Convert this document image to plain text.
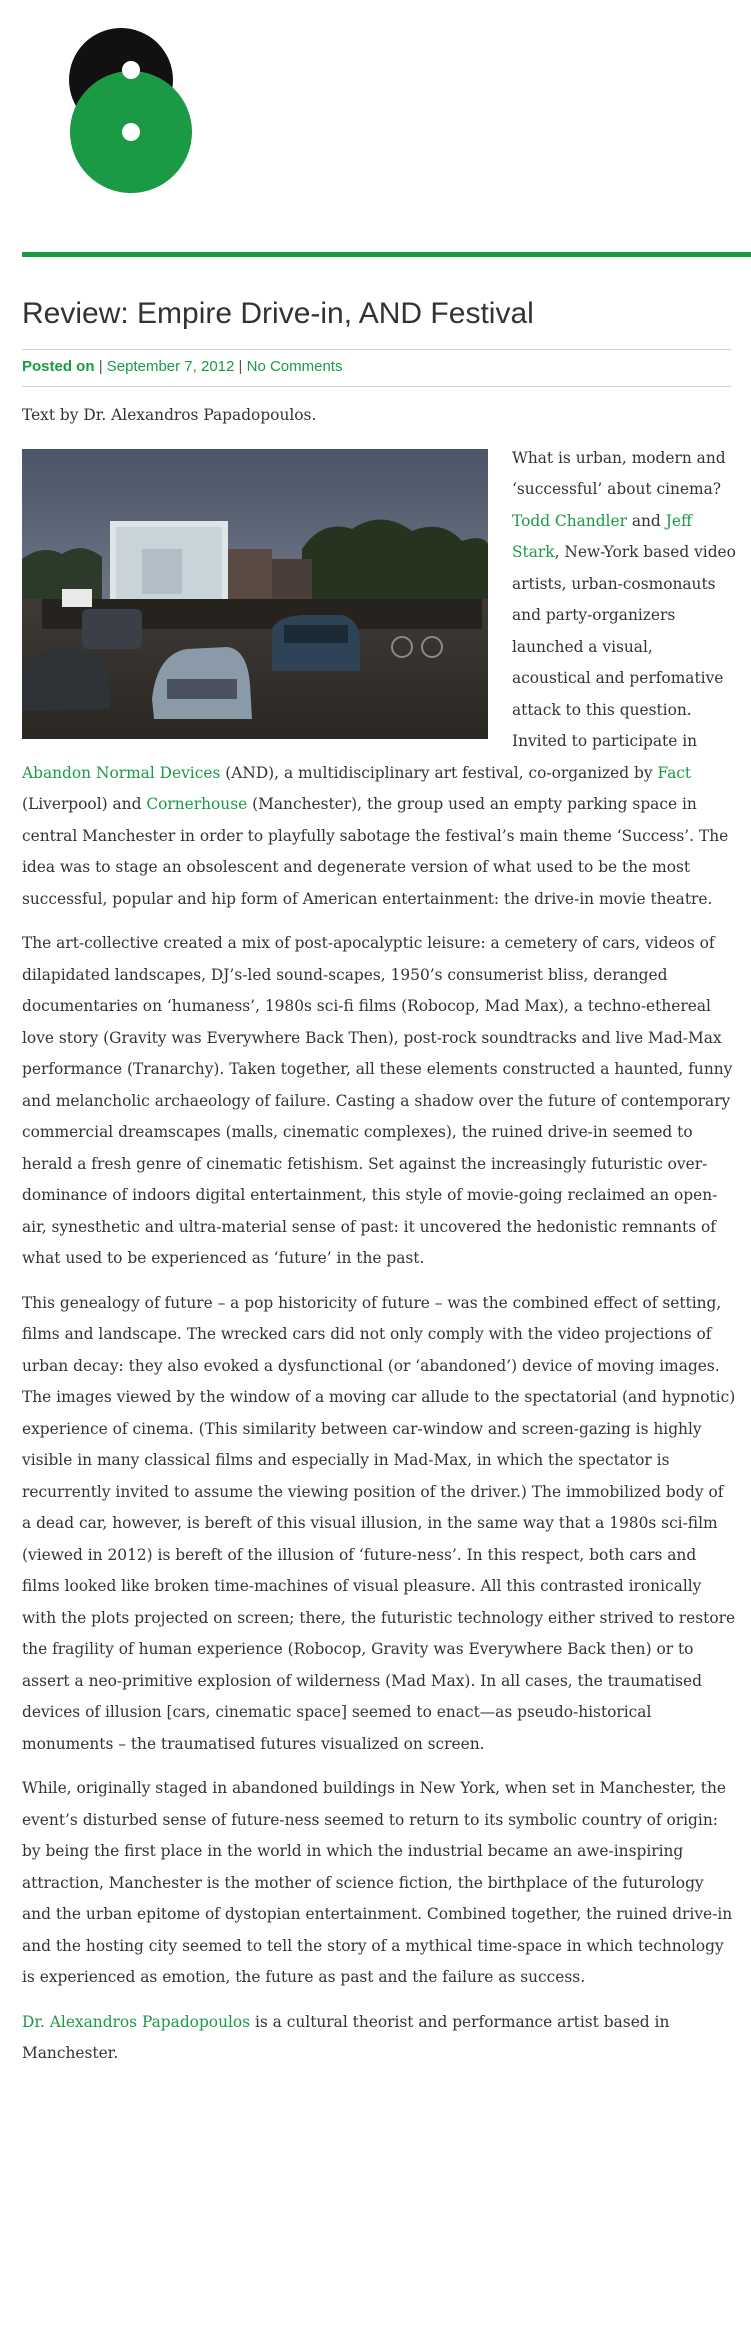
Review: Empire Drive-in, AND Festival
Posted on | September 7, 2012 | No Comments

Text by Dr. Alexandros Papadopoulos.

What is urban, modern and ‘successful’ about cinema? Todd Chandler and Jeff Stark, New-York based video artists, urban-cosmonauts and party-organizers launched a visual, acoustical and perfomative attack to this question. Invited to participate in Abandon Normal Devices (AND), a multidisciplinary art festival, co-organized by Fact (Liverpool) and Cornerhouse (Manchester), the group used an empty parking space in central Manchester in order to playfully sabotage the festival’s main theme ‘Success’. The idea was to stage an obsolescent and degenerate version of what used to be the most successful, popular and hip form of American entertainment: the drive-in movie theatre.

The art-collective created a mix of post-apocalyptic leisure: a cemetery of cars, videos of dilapidated landscapes, DJ’s-led sound-scapes, 1950’s consumerist bliss, deranged documentaries on ‘humaness’, 1980s sci-fi films (Robocop, Mad Max), a techno-ethereal love story (Gravity was Everywhere Back Then), post-rock soundtracks and live Mad-Max performance (Tranarchy). Taken together, all these elements constructed a haunted, funny and melancholic archaeology of failure. Casting a shadow over the future of contemporary commercial dreamscapes (malls, cinematic complexes), the ruined drive-in seemed to herald a fresh genre of cinematic fetishism. Set against the increasingly futuristic over-dominance of indoors digital entertainment, this style of movie-going reclaimed an open-air, synesthetic and ultra-material sense of past: it uncovered the hedonistic remnants of what used to be experienced as ‘future’ in the past.

This genealogy of future – a pop historicity of future – was the combined effect of setting, films and landscape. The wrecked cars did not only comply with the video projections of urban decay: they also evoked a dysfunctional (or ‘abandoned’) device of moving images. The images viewed by the window of a moving car allude to the spectatorial (and hypnotic) experience of cinema. (This similarity between car-window and screen-gazing is highly visible in many classical films and especially in Mad-Max, in which the spectator is recurrently invited to assume the viewing position of the driver.) The immobilized body of a dead car, however, is bereft of this visual illusion, in the same way that a 1980s sci-film (viewed in 2012) is bereft of the illusion of ‘future-ness’. In this respect, both cars and films looked like broken time-machines of visual pleasure. All this contrasted ironically with the plots projected on screen; there, the futuristic technology either strived to restore the fragility of human experience (Robocop, Gravity was Everywhere Back then) or to assert a neo-primitive explosion of wilderness (Mad Max). In all cases, the traumatised devices of illusion [cars, cinematic space] seemed to enact—as pseudo-historical monuments – the traumatised futures visualized on screen.

While, originally staged in abandoned buildings in New York, when set in Manchester, the event’s disturbed sense of future-ness seemed to return to its symbolic country of origin: by being the first place in the world in which the industrial became an awe-inspiring attraction, Manchester is the mother of science fiction, the birthplace of the futurology and the urban epitome of dystopian entertainment. Combined together, the ruined drive-in and the hosting city seemed to tell the story of a mythical time-space in which technology is experienced as emotion, the future as past and the failure as success.

Dr. Alexandros Papadopoulos is a cultural theorist and performance artist based in Manchester.
